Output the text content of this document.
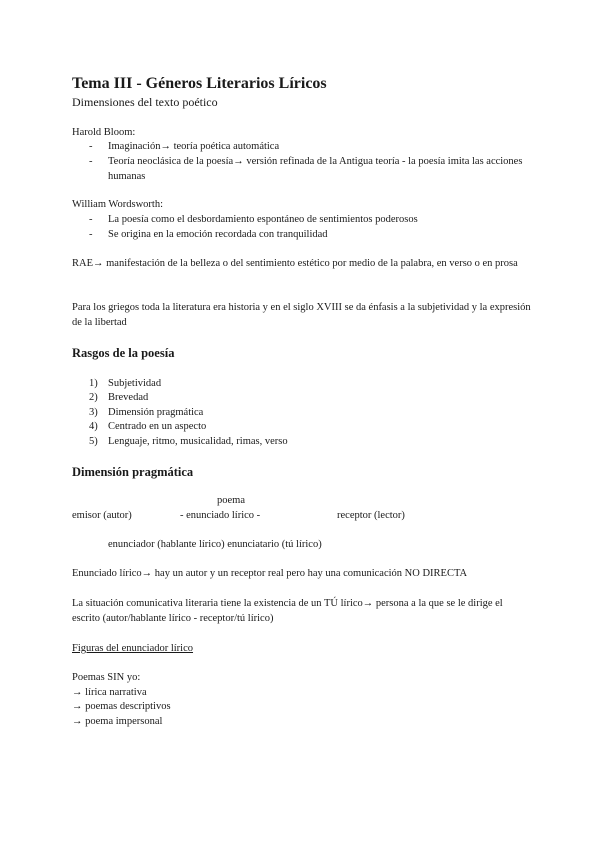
Tema III - Géneros Literarios Líricos
Dimensiones del texto poético
Harold Bloom:
- Imaginación→ teoría poética automática
- Teoría neoclásica de la poesía→ versión refinada de la Antigua teoría - la poesía imita las acciones humanas
William Wordsworth:
- La poesía como el desbordamiento espontáneo de sentimientos poderosos
- Se origina en la emoción recordada con tranquilidad
RAE→ manifestación de la belleza o del sentimiento estético por medio de la palabra, en verso o en prosa
Para los griegos toda la literatura era historia y en el siglo XVIII se da énfasis a la subjetividad y la expresión de la libertad
Rasgos de la poesía
1) Subjetividad
2) Brevedad
3) Dimensión pragmática
4) Centrado en un aspecto
5) Lenguaje, ritmo, musicalidad, rimas, verso
Dimensión pragmática
poema
emisor (autor)	- enunciado lírico -	receptor (lector)
enunciador (hablante lírico) enunciatario (tú lírico)
Enunciado lírico→ hay un autor y un receptor real pero hay una comunicación NO DIRECTA
La situación comunicativa literaria tiene la existencia de un TÚ lírico→ persona a la que se le dirige el escrito (autor/hablante lírico - receptor/tú lírico)
Figuras del enunciador lírico
Poemas SIN yo:
→ lírica narrativa
→ poemas descriptivos
→ poema impersonal
